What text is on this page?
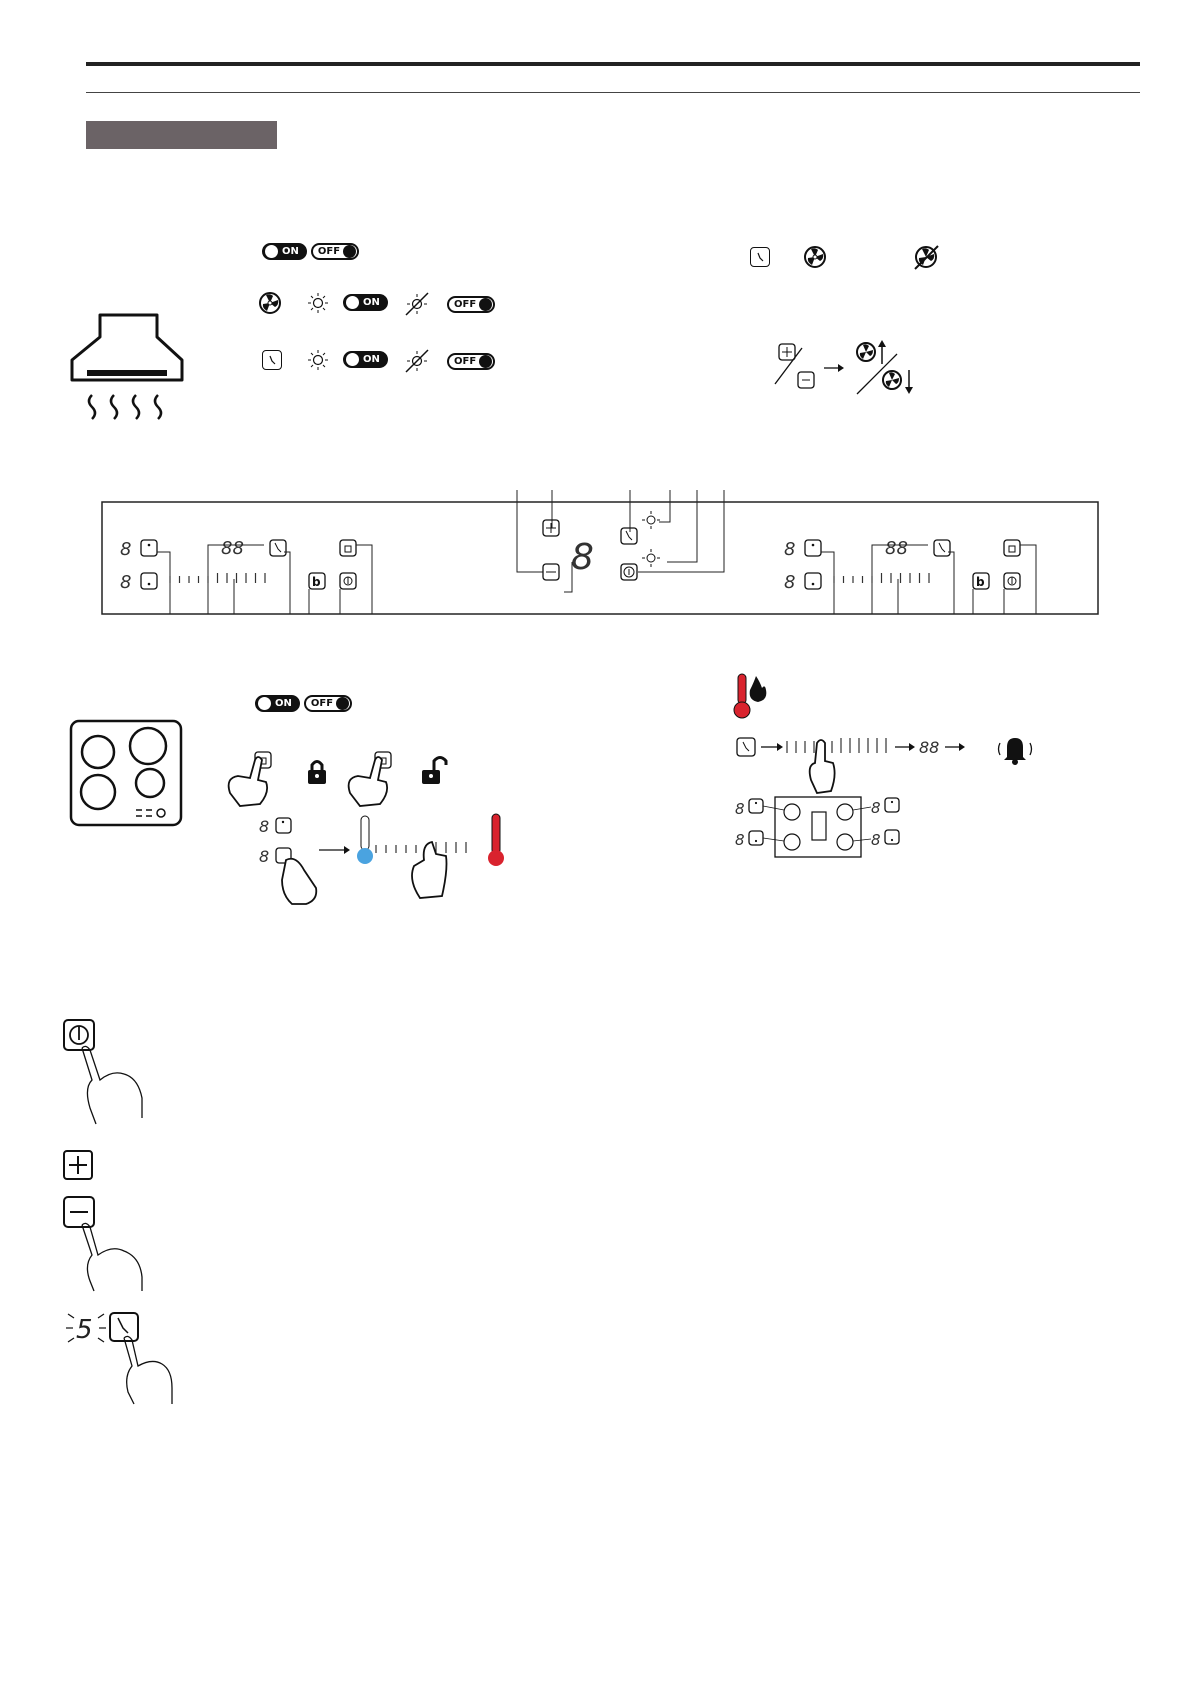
ON OFF
ON	OFF
ON	OFF
8
8
88
b
8	8
8
88
b
ON OFF
8
8
88
8
8
8
8
5
